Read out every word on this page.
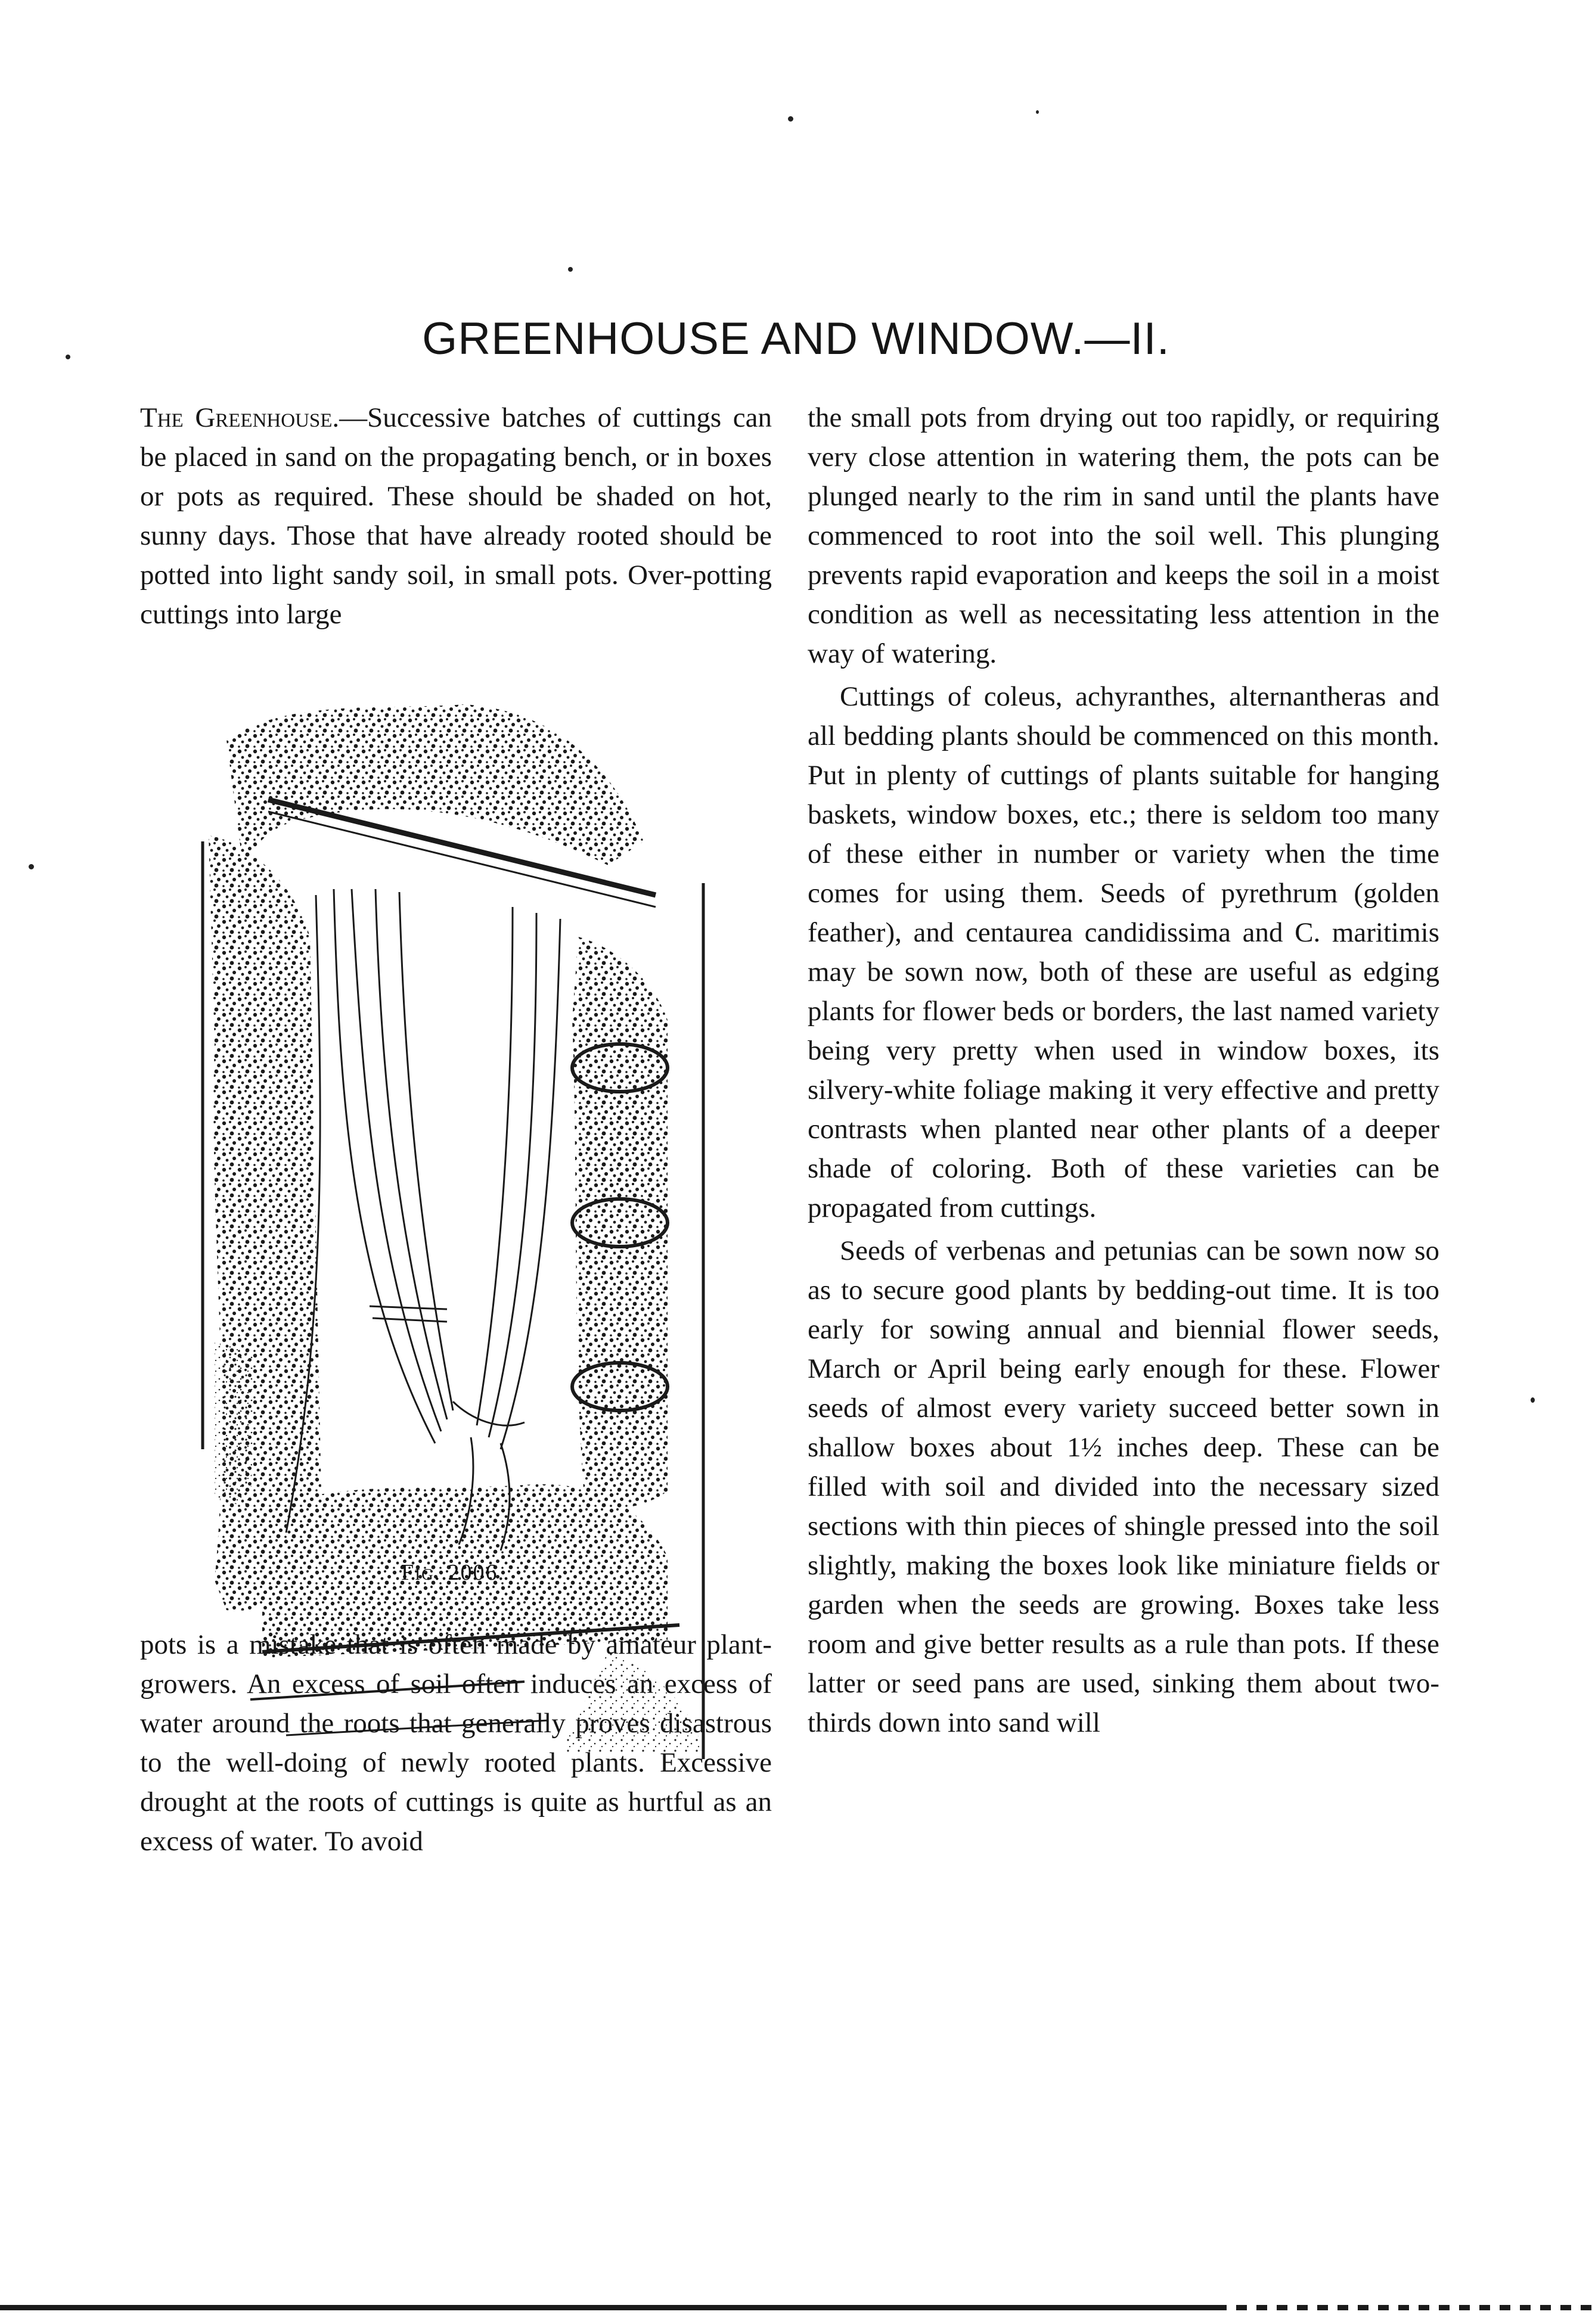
GREENHOUSE AND WINDOW.—II.

The Greenhouse.—Successive batches of cuttings can be placed in sand on the propagating bench, or in boxes or pots as required. These should be shaded on hot, sunny days. Those that have already rooted should be potted into light sandy soil, in small pots. Over-potting cuttings into large

Fig. 2006.

pots is a mistake that is often made by amateur plant-growers. An excess of soil often induces an excess of water around the roots that generally proves disastrous to the well-doing of newly rooted plants. Excessive drought at the roots of cuttings is quite as hurtful as an excess of water. To avoid

the small pots from drying out too rapidly, or requiring very close attention in watering them, the pots can be plunged nearly to the rim in sand until the plants have commenced to root into the soil well. This plunging prevents rapid evaporation and keeps the soil in a moist condition as well as necessitating less attention in the way of watering.

Cuttings of coleus, achyranthes, alternantheras and all bedding plants should be commenced on this month. Put in plenty of cuttings of plants suitable for hanging baskets, window boxes, etc.; there is seldom too many of these either in number or variety when the time comes for using them. Seeds of pyrethrum (golden feather), and centaurea candidissima and C. maritimis may be sown now, both of these are useful as edging plants for flower beds or borders, the last named variety being very pretty when used in window boxes, its silvery-white foliage making it very effective and pretty contrasts when planted near other plants of a deeper shade of coloring. Both of these varieties can be propagated from cuttings.

Seeds of verbenas and petunias can be sown now so as to secure good plants by bedding-out time. It is too early for sowing annual and biennial flower seeds, March or April being early enough for these. Flower seeds of almost every variety succeed better sown in shallow boxes about 1½ inches deep. These can be filled with soil and divided into the necessary sized sections with thin pieces of shingle pressed into the soil slightly, making the boxes look like miniature fields or garden when the seeds are growing. Boxes take less room and give better results as a rule than pots. If these latter or seed pans are used, sinking them about two-thirds down into sand will
